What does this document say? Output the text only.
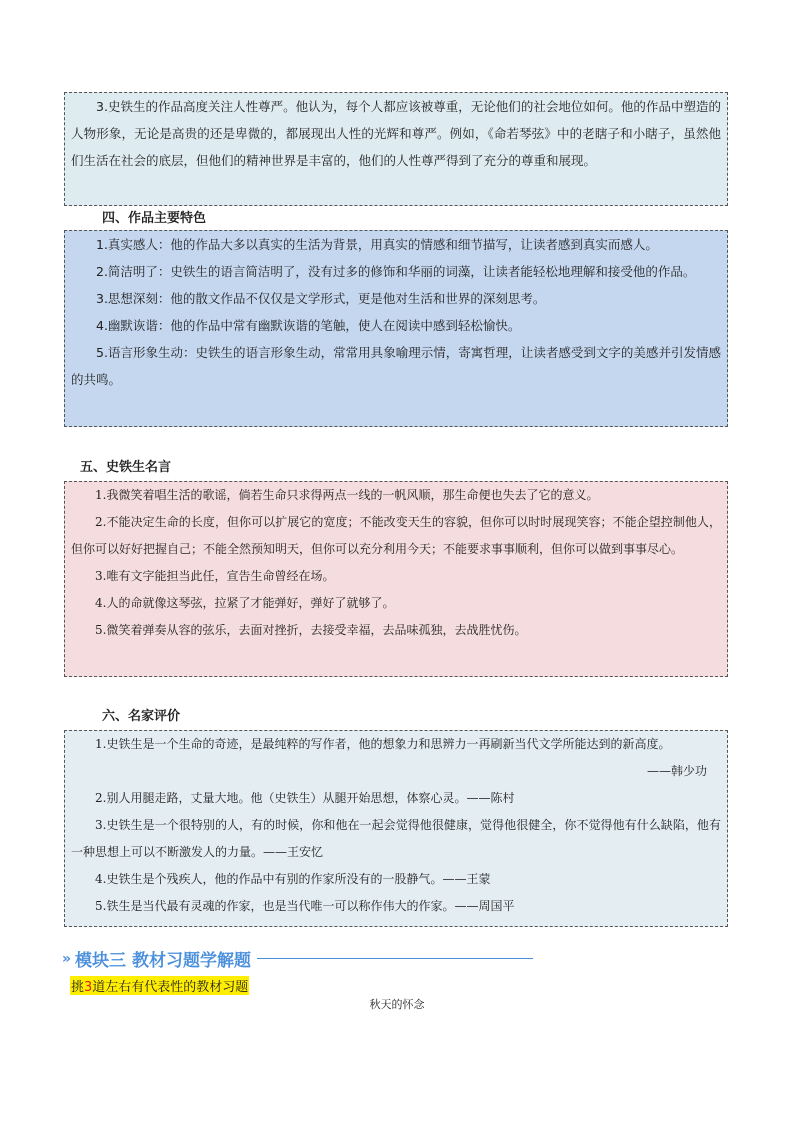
3.史铁生的作品高度关注人性尊严。他认为，每个人都应该被尊重，无论他们的社会地位如何。他的作品中塑造的人物形象，无论是高贵的还是卑微的，都展现出人性的光辉和尊严。例如，《命若琴弦》中的老瞎子和小瞎子，虽然他们生活在社会的底层，但他们的精神世界是丰富的，他们的人性尊严得到了充分的尊重和展现。

四、作品主要特色

1.真实感人：他的作品大多以真实的生活为背景，用真实的情感和细节描写，让读者感到真实而感人。

2.简洁明了：史铁生的语言简洁明了，没有过多的修饰和华丽的词藻，让读者能轻松地理解和接受他的作品。

3.思想深刻：他的散文作品不仅仅是文学形式，更是他对生活和世界的深刻思考。

4.幽默诙谐：他的作品中常有幽默诙谐的笔触，使人在阅读中感到轻松愉快。

5.语言形象生动：史铁生的语言形象生动，常常用具象喻理示情，寄寓哲理，让读者感受到文字的美感并引发情感的共鸣。

五、史铁生名言

1.我微笑着唱生活的歌谣，倘若生命只求得两点一线的一帆风顺，那生命便也失去了它的意义。

2.不能决定生命的长度，但你可以扩展它的宽度；不能改变天生的容貌，但你可以时时展现笑容；不能企望控制他人，但你可以好好把握自己；不能全然预知明天，但你可以充分利用今天；不能要求事事顺利，但你可以做到事事尽心。

3.唯有文字能担当此任，宣告生命曾经在场。

4.人的命就像这琴弦，拉紧了才能弹好，弹好了就够了。

5.微笑着弹奏从容的弦乐，去面对挫折，去接受幸福，去品味孤独，去战胜忧伤。

六、名家评价

1.史铁生是一个生命的奇迹，是最纯粹的写作者，他的想象力和思辨力一再刷新当代文学所能达到的新高度。
——韩少功

2.别人用腿走路，丈量大地。他（史铁生）从腿开始思想，体察心灵。——陈村

3.史铁生是一个很特别的人，有的时候，你和他在一起会觉得他很健康，觉得他很健全，你不觉得他有什么缺陷，他有一种思想上可以不断激发人的力量。——王安忆

4.史铁生是个残疾人，他的作品中有别的作家所没有的一股静气。——王蒙

5.铁生是当代最有灵魂的作家，也是当代唯一可以称作伟大的作家。——周国平

» 模块三 教材习题学解题
挑3道左右有代表性的教材习题
秋天的怀念
